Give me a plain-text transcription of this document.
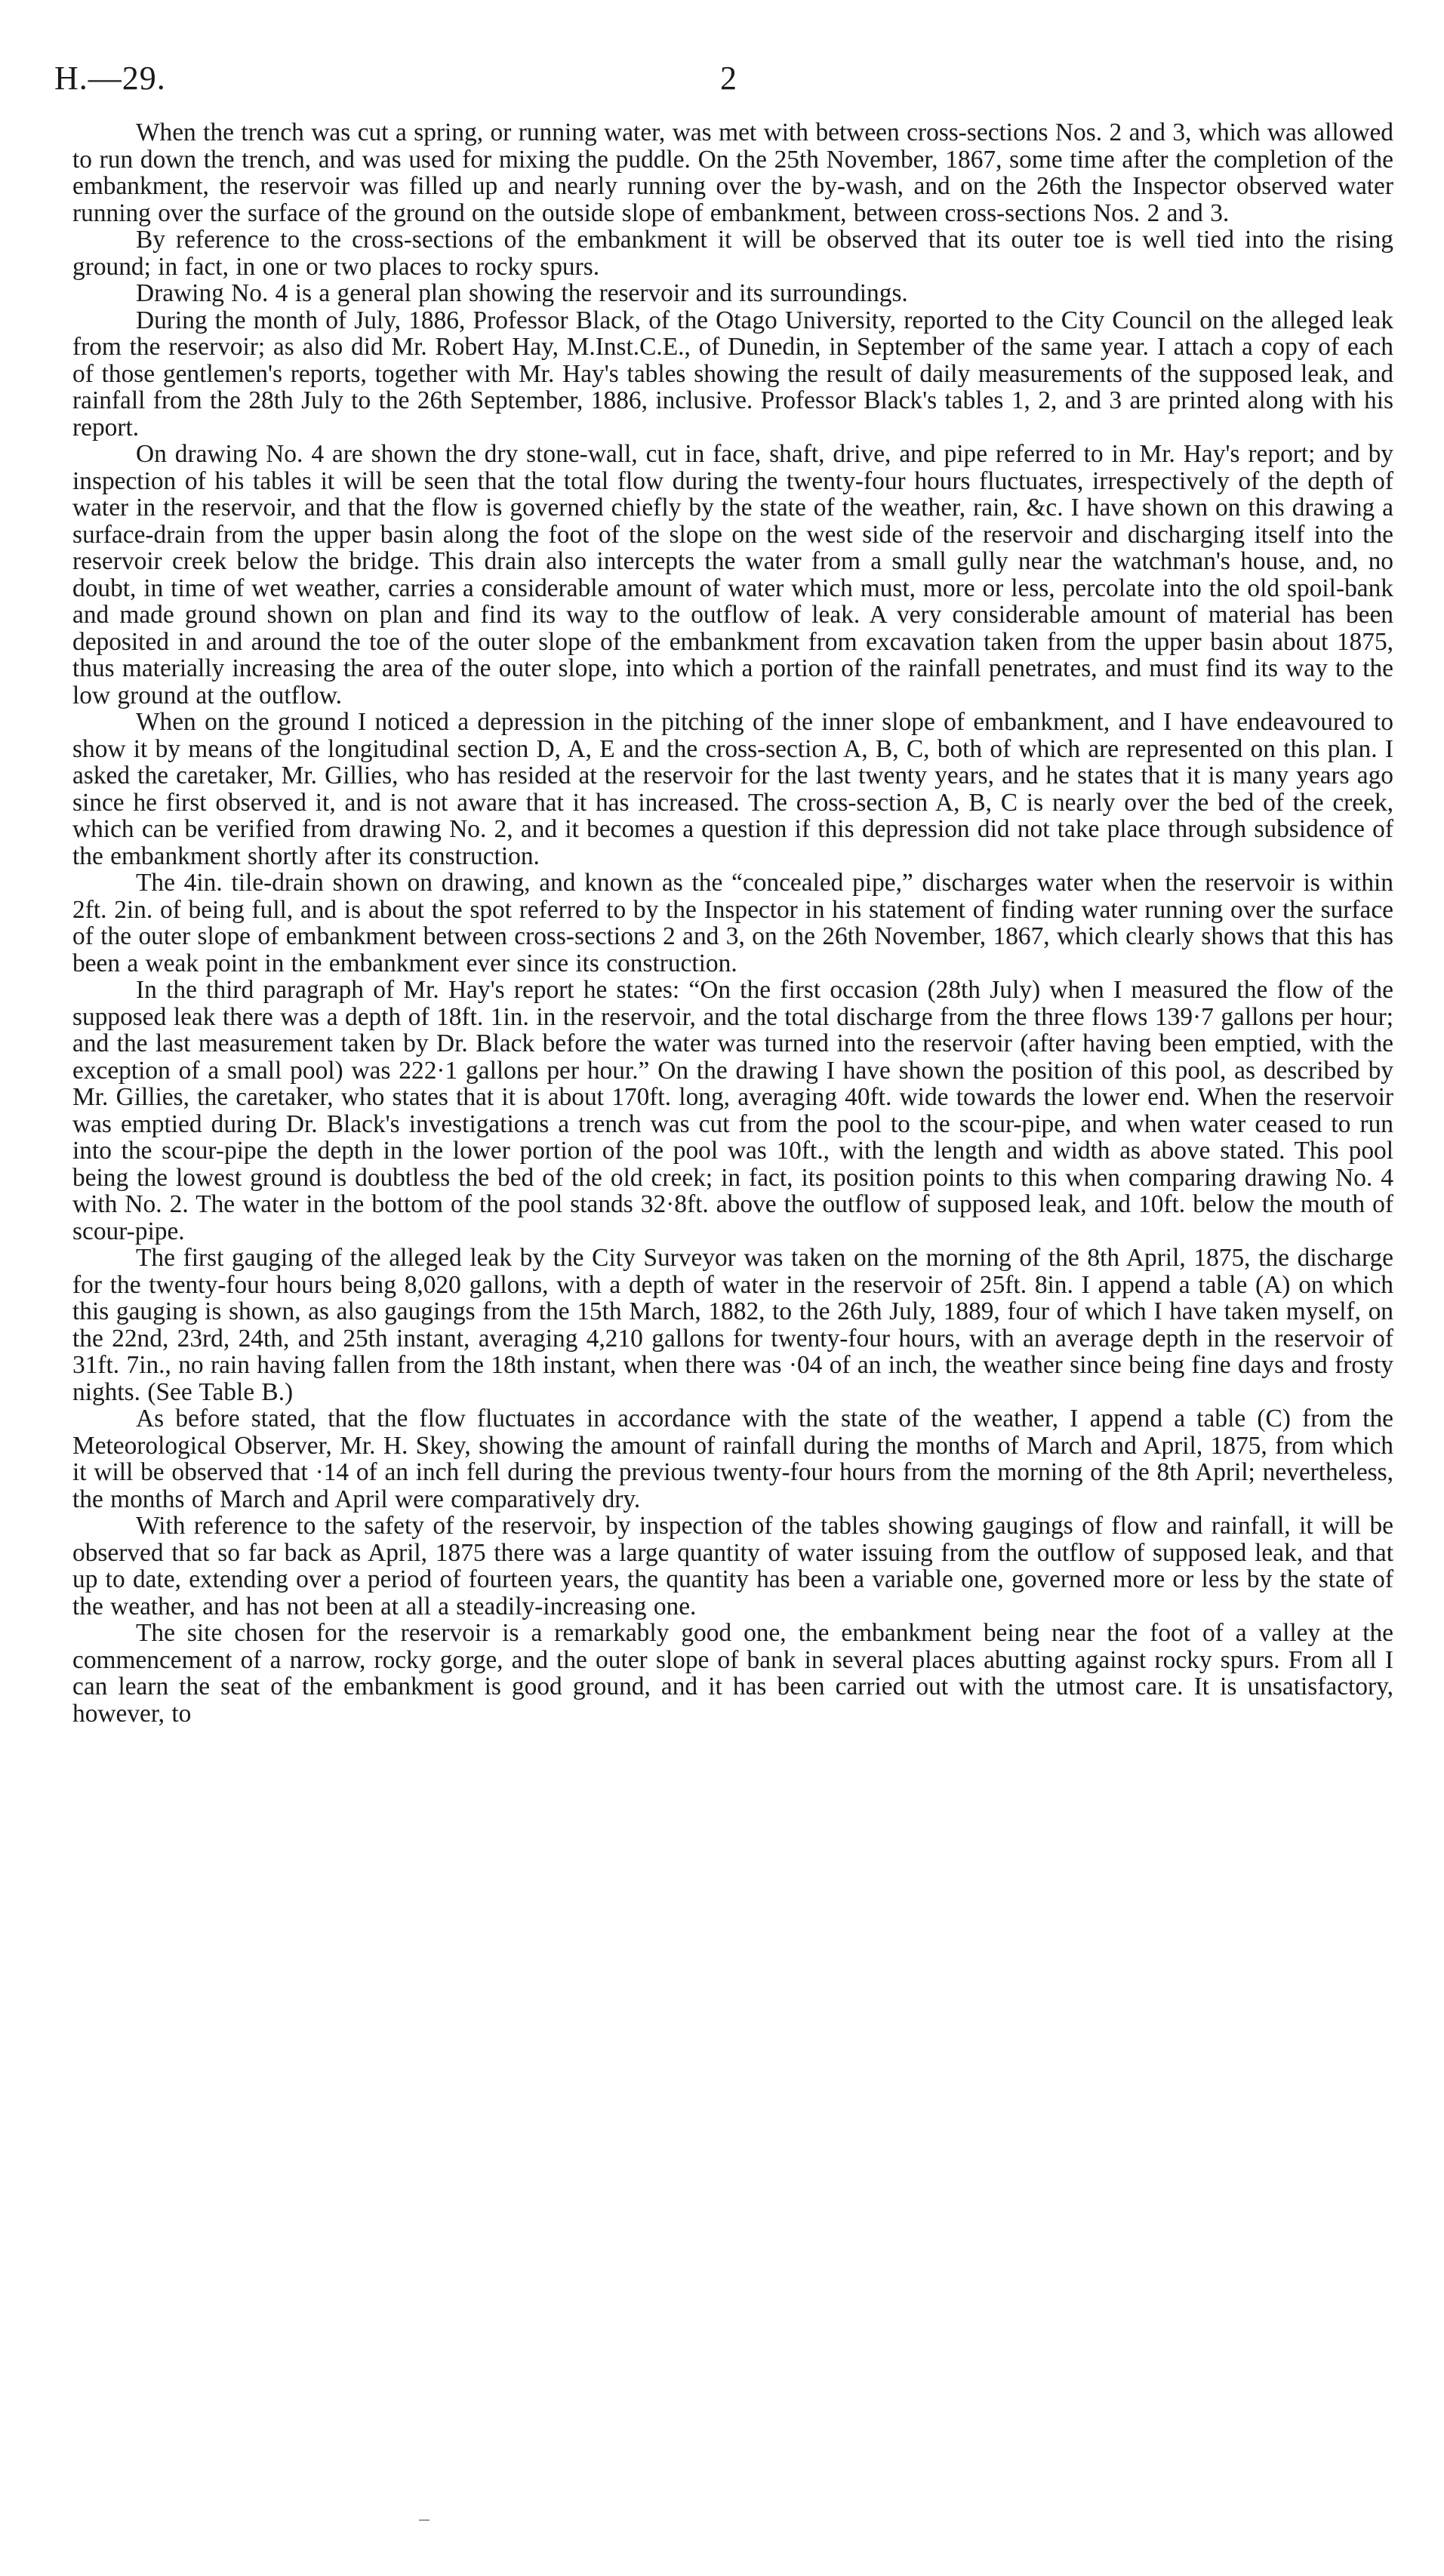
H.—29.	2

When the trench was cut a spring, or running water, was met with between cross-sections Nos. 2 and 3, which was allowed to run down the trench, and was used for mixing the puddle. On the 25th November, 1867, some time after the completion of the embankment, the reservoir was filled up and nearly running over the by-wash, and on the 26th the Inspector observed water running over the surface of the ground on the outside slope of embankment, between cross-sections Nos. 2 and 3.

By reference to the cross-sections of the embankment it will be observed that its outer toe is well tied into the rising ground; in fact, in one or two places to rocky spurs.

Drawing No. 4 is a general plan showing the reservoir and its surroundings.

During the month of July, 1886, Professor Black, of the Otago University, reported to the City Council on the alleged leak from the reservoir; as also did Mr. Robert Hay, M.Inst.C.E., of Dunedin, in September of the same year. I attach a copy of each of those gentlemen's reports, together with Mr. Hay's tables showing the result of daily measurements of the supposed leak, and rainfall from the 28th July to the 26th September, 1886, inclusive. Professor Black's tables 1, 2, and 3 are printed along with his report.

On drawing No. 4 are shown the dry stone-wall, cut in face, shaft, drive, and pipe referred to in Mr. Hay's report; and by inspection of his tables it will be seen that the total flow during the twenty-four hours fluctuates, irrespectively of the depth of water in the reservoir, and that the flow is governed chiefly by the state of the weather, rain, &c. I have shown on this drawing a surface-drain from the upper basin along the foot of the slope on the west side of the reservoir and discharging itself into the reservoir creek below the bridge. This drain also intercepts the water from a small gully near the watchman's house, and, no doubt, in time of wet weather, carries a considerable amount of water which must, more or less, percolate into the old spoil-bank and made ground shown on plan and find its way to the outflow of leak. A very considerable amount of material has been deposited in and around the toe of the outer slope of the embankment from excavation taken from the upper basin about 1875, thus materially increasing the area of the outer slope, into which a portion of the rainfall penetrates, and must find its way to the low ground at the outflow.

When on the ground I noticed a depression in the pitching of the inner slope of embankment, and I have endeavoured to show it by means of the longitudinal section D, A, E and the cross-section A, B, C, both of which are represented on this plan. I asked the caretaker, Mr. Gillies, who has resided at the reservoir for the last twenty years, and he states that it is many years ago since he first observed it, and is not aware that it has increased. The cross-section A, B, C is nearly over the bed of the creek, which can be verified from drawing No. 2, and it becomes a question if this depression did not take place through subsidence of the embankment shortly after its construction.

The 4in. tile-drain shown on drawing, and known as the “concealed pipe,” discharges water when the reservoir is within 2ft. 2in. of being full, and is about the spot referred to by the Inspector in his statement of finding water running over the surface of the outer slope of embankment between cross-sections 2 and 3, on the 26th November, 1867, which clearly shows that this has been a weak point in the embankment ever since its construction.

In the third paragraph of Mr. Hay's report he states: “On the first occasion (28th July) when I measured the flow of the supposed leak there was a depth of 18ft. 1in. in the reservoir, and the total discharge from the three flows 139·7 gallons per hour; and the last measurement taken by Dr. Black before the water was turned into the reservoir (after having been emptied, with the exception of a small pool) was 222·1 gallons per hour.” On the drawing I have shown the position of this pool, as described by Mr. Gillies, the caretaker, who states that it is about 170ft. long, averaging 40ft. wide towards the lower end. When the reservoir was emptied during Dr. Black's investigations a trench was cut from the pool to the scour-pipe, and when water ceased to run into the scour-pipe the depth in the lower portion of the pool was 10ft., with the length and width as above stated. This pool being the lowest ground is doubtless the bed of the old creek; in fact, its position points to this when comparing drawing No. 4 with No. 2. The water in the bottom of the pool stands 32·8ft. above the outflow of supposed leak, and 10ft. below the mouth of scour-pipe.

The first gauging of the alleged leak by the City Surveyor was taken on the morning of the 8th April, 1875, the discharge for the twenty-four hours being 8,020 gallons, with a depth of water in the reservoir of 25ft. 8in. I append a table (A) on which this gauging is shown, as also gaugings from the 15th March, 1882, to the 26th July, 1889, four of which I have taken myself, on the 22nd, 23rd, 24th, and 25th instant, averaging 4,210 gallons for twenty-four hours, with an average depth in the reservoir of 31ft. 7in., no rain having fallen from the 18th instant, when there was ·04 of an inch, the weather since being fine days and frosty nights. (See Table B.)

As before stated, that the flow fluctuates in accordance with the state of the weather, I append a table (C) from the Meteorological Observer, Mr. H. Skey, showing the amount of rainfall during the months of March and April, 1875, from which it will be observed that ·14 of an inch fell during the previous twenty-four hours from the morning of the 8th April; nevertheless, the months of March and April were comparatively dry.

With reference to the safety of the reservoir, by inspection of the tables showing gaugings of flow and rainfall, it will be observed that so far back as April, 1875 there was a large quantity of water issuing from the outflow of supposed leak, and that up to date, extending over a period of fourteen years, the quantity has been a variable one, governed more or less by the state of the weather, and has not been at all a steadily-increasing one.

The site chosen for the reservoir is a remarkably good one, the embankment being near the foot of a valley at the commencement of a narrow, rocky gorge, and the outer slope of bank in several places abutting against rocky spurs. From all I can learn the seat of the embankment is good ground, and it has been carried out with the utmost care. It is unsatisfactory, however, to
